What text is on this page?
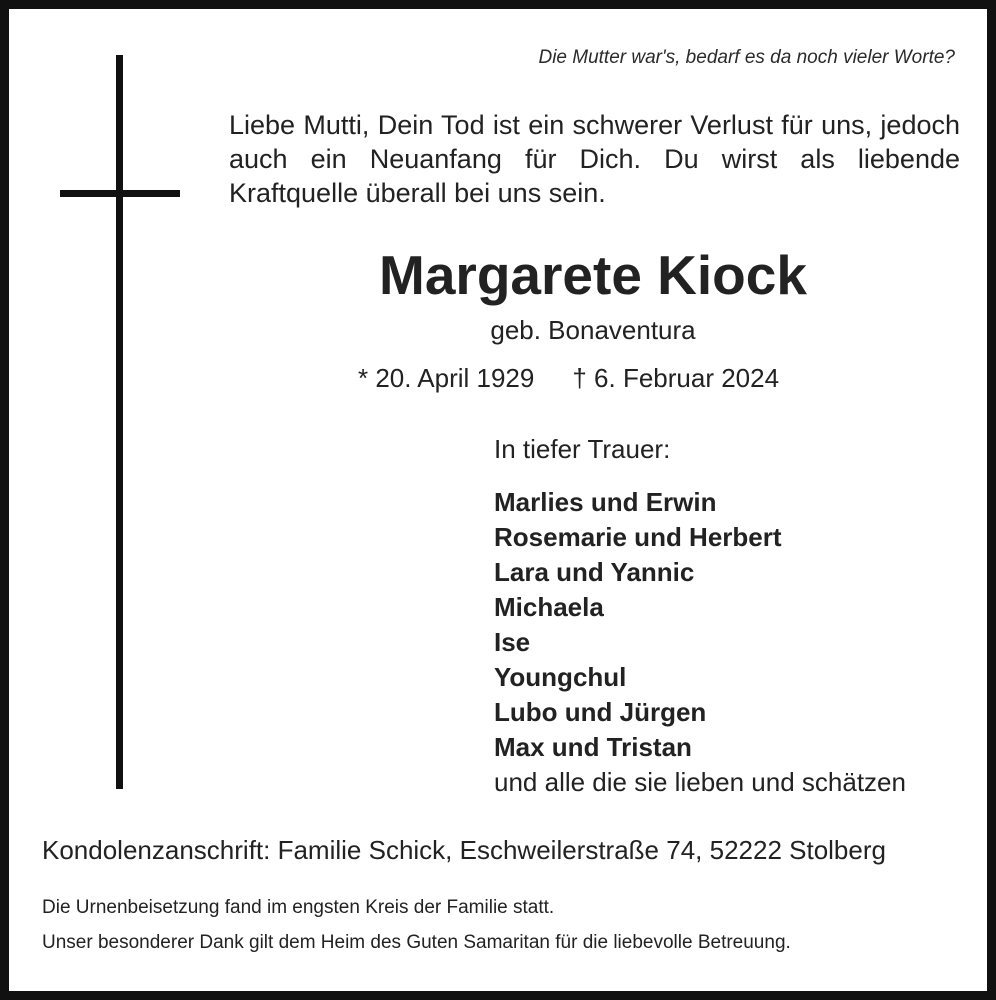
Die Mutter war's, bedarf es da noch vieler Worte?
Liebe Mutti, Dein Tod ist ein schwerer Verlust für uns, jedoch auch ein Neuanfang für Dich. Du wirst als liebende Kraftquelle überall bei uns sein.
Margarete Kiock
geb. Bonaventura
* 20. April 1929 † 6. Februar 2024
In tiefer Trauer:
Marlies und Erwin
Rosemarie und Herbert
Lara und Yannic
Michaela
Ise
Youngchul
Lubo und Jürgen
Max und Tristan
und alle die sie lieben und schätzen
Kondolenzanschrift: Familie Schick, Eschweilerstraße 74, 52222 Stolberg
Die Urnenbeisetzung fand im engsten Kreis der Familie statt.
Unser besonderer Dank gilt dem Heim des Guten Samaritan für die liebevolle Betreuung.
